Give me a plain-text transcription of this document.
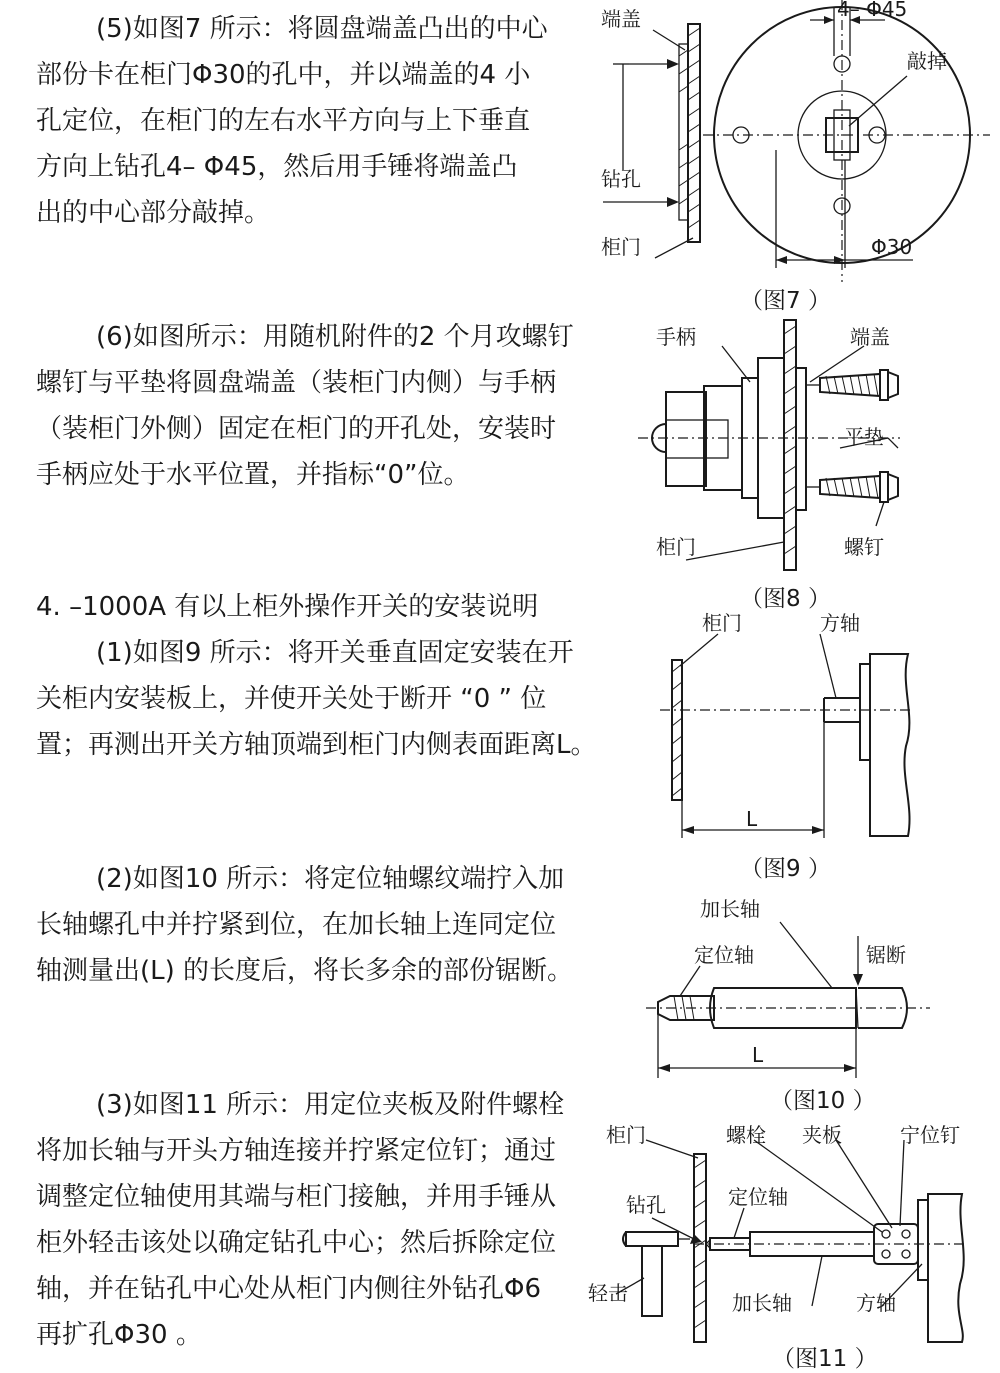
(5)如图7 所示：将圆盘端盖凸出的中心
部份卡在柜门Φ30的孔中，并以端盖的4 小
孔定位，在柜门的左右水平方向与上下垂直
方向上钻孔4– Φ45，然后用手锤将端盖凸
出的中心部分敲掉。
(6)如图所示：用随机附件的2 个月攻螺钉
螺钉与平垫将圆盘端盖（装柜门内侧）与手柄
（装柜门外侧）固定在柜门的开孔处，安装时
手柄应处于水平位置，并指标“0”位。
4. –1000A 有以上柜外操作开关的安装说明
(1)如图9 所示：将开关垂直固定安装在开
关柜内安装板上，并使开关处于断开 “0 ” 位
置；再测出开关方轴顶端到柜门内侧表面距离L。
(2)如图10 所示：将定位轴螺纹端拧入加
长轴螺孔中并拧紧到位，在加长轴上连同定位
轴测量出(L) 的长度后，将长多余的部份锯断。
(3)如图11 所示：用定位夹板及附件螺栓
将加长轴与开头方轴连接并拧紧定位钉；通过
调整定位轴使用其端与柜门接触，并用手锤从
柜外轻击该处以确定钻孔中心；然后拆除定位
轴，并在钻孔中心处从柜门内侧往外钻孔Φ6
再扩孔Φ30 。
端盖
钻孔
柜门
4– Φ45
敲掉
Φ30
（图7 ）
手柄	端盖
平垫
柜门	螺钉
（图8 ）
柜门	方轴
L
（图9 ）
加长轴
定位轴	锯断
L
（图10 ）
柜门	螺栓 夹板	宁位钉
钻孔	定位轴
轻击	加长轴	方轴
（图11 ）
